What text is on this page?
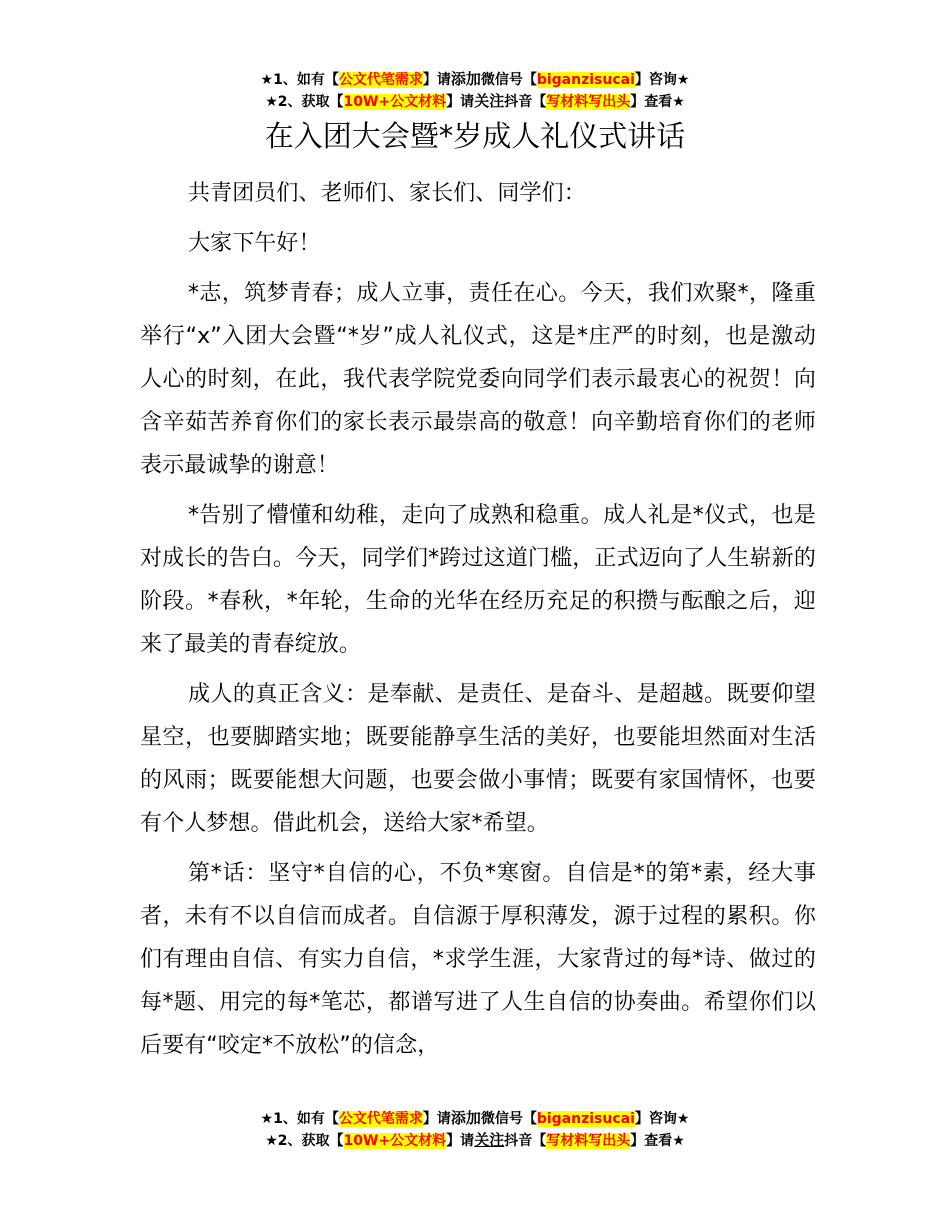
★1、如有【公文代笔需求】请添加微信号【biganzisucai】咨询★
★2、获取【10W+公文材料】请关注抖音【写材料写出头】查看★
在入团大会暨*岁成人礼仪式讲话

共青团员们、老师们、家长们、同学们：

大家下午好！

*志，筑梦青春；成人立事，责任在心。今天，我们欢聚*，隆重举行“x”入团大会暨“*岁”成人礼仪式，这是*庄严的时刻，也是激动人心的时刻，在此，我代表学院党委向同学们表示最衷心的祝贺！向含辛茹苦养育你们的家长表示最崇高的敬意！向辛勤培育你们的老师表示最诚挚的谢意！

*告别了懵懂和幼稚，走向了成熟和稳重。成人礼是*仪式，也是对成长的告白。今天，同学们*跨过这道门槛，正式迈向了人生崭新的阶段。*春秋，*年轮，生命的光华在经历充足的积攒与酝酿之后，迎来了最美的青春绽放。

成人的真正含义：是奉献、是责任、是奋斗、是超越。既要仰望星空，也要脚踏实地；既要能静享生活的美好，也要能坦然面对生活的风雨；既要能想大问题，也要会做小事情；既要有家国情怀，也要有个人梦想。借此机会，送给大家*希望。

第*话：坚守*自信的心，不负*寒窗。自信是*的第*素，经大事者，未有不以自信而成者。自信源于厚积薄发，源于过程的累积。你们有理由自信、有实力自信，*求学生涯，大家背过的每*诗、做过的每*题、用完的每*笔芯，都谱写进了人生自信的协奏曲。希望你们以后要有“咬定*不放松”的信念，

★1、如有【公文代笔需求】请添加微信号【biganzisucai】咨询★
★2、获取【10W+公文材料】请关注抖音【写材料写出头】查看★
